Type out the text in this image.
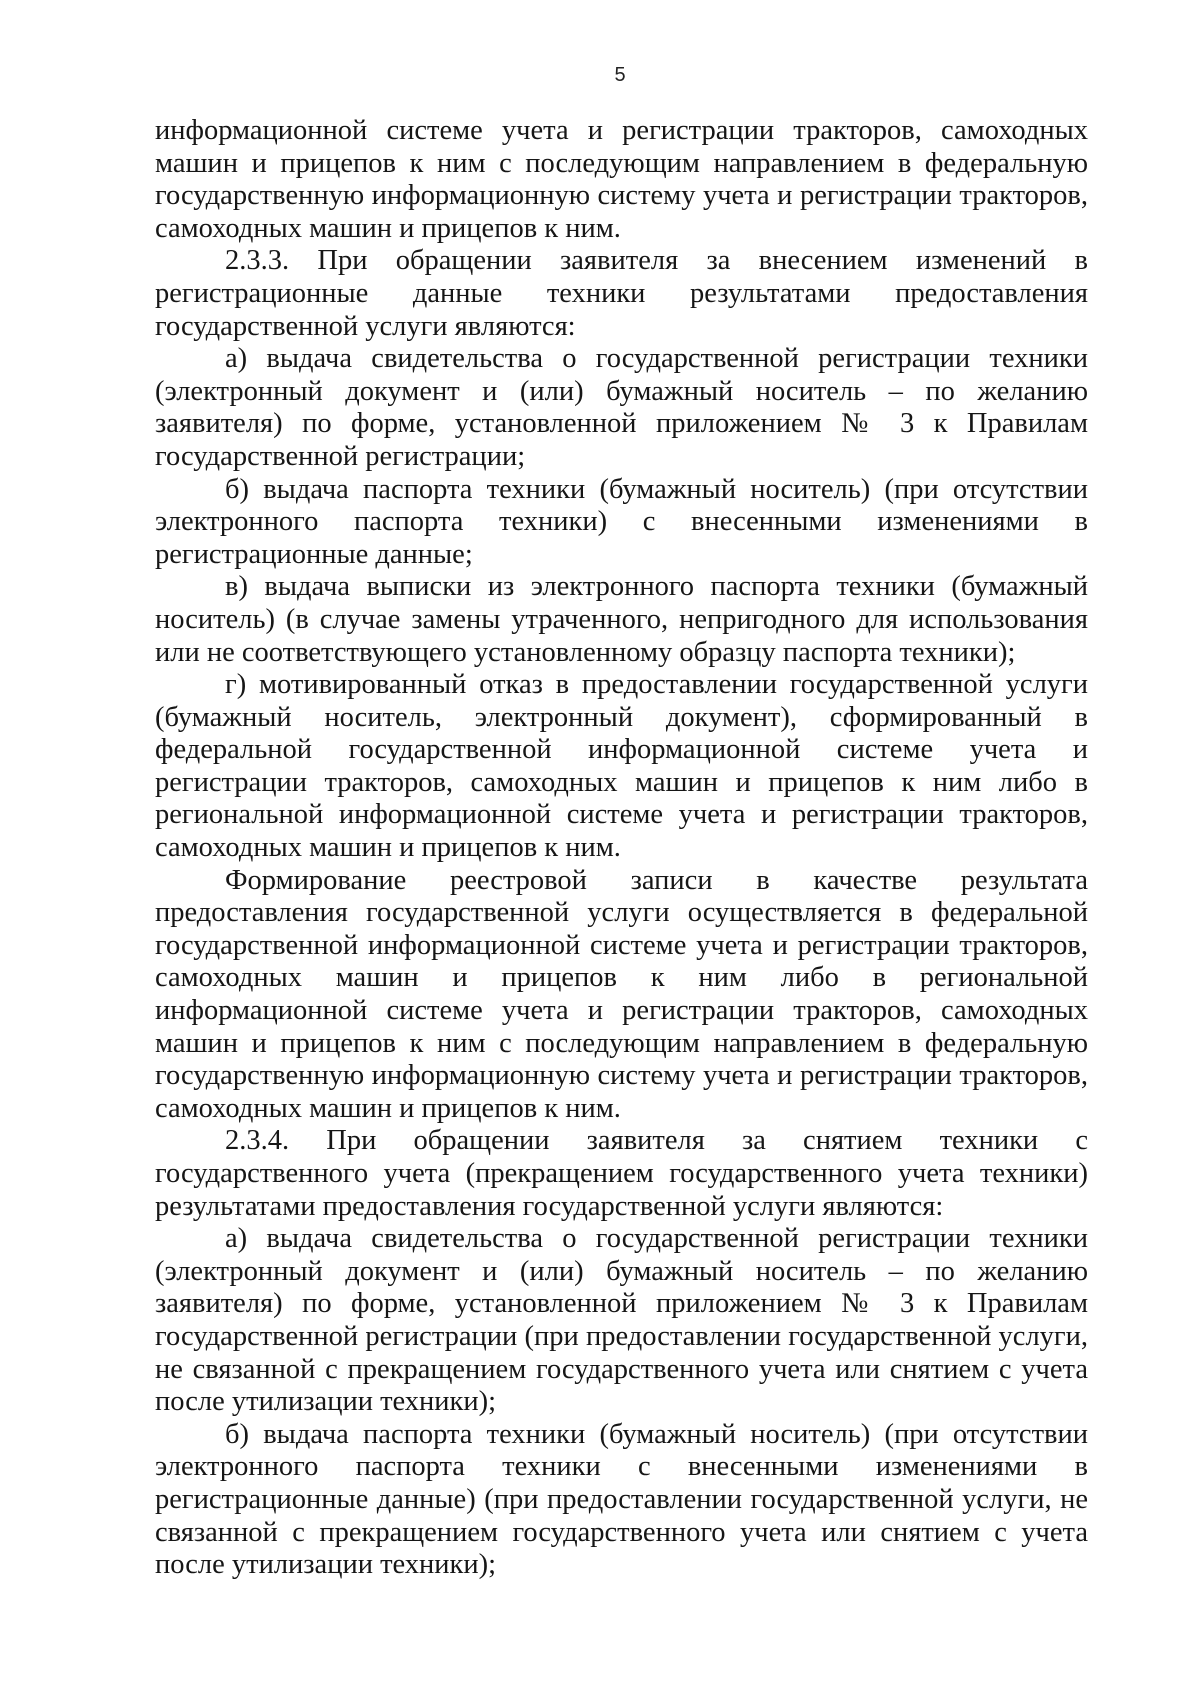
5

информационной системе учета и регистрации тракторов, самоходных машин и прицепов к ним с последующим направлением в федеральную государственную информационную систему учета и регистрации тракторов, самоходных машин и прицепов к ним.

2.3.3. При обращении заявителя за внесением изменений в регистрационные данные техники результатами предоставления государственной услуги являются:

а) выдача свидетельства о государственной регистрации техники (электронный документ и (или) бумажный носитель – по желанию заявителя) по форме, установленной приложением № 3 к Правилам государственной регистрации;

б) выдача паспорта техники (бумажный носитель) (при отсутствии электронного паспорта техники) с внесенными изменениями в регистрационные данные;

в) выдача выписки из электронного паспорта техники (бумажный носитель) (в случае замены утраченного, непригодного для использования или не соответствующего установленному образцу паспорта техники);

г) мотивированный отказ в предоставлении государственной услуги (бумажный носитель, электронный документ), сформированный в федеральной государственной информационной системе учета и регистрации тракторов, самоходных машин и прицепов к ним либо в региональной информационной системе учета и регистрации тракторов, самоходных машин и прицепов к ним.

Формирование реестровой записи в качестве результата предоставления государственной услуги осуществляется в федеральной государственной информационной системе учета и регистрации тракторов, самоходных машин и прицепов к ним либо в региональной информационной системе учета и регистрации тракторов, самоходных машин и прицепов к ним с последующим направлением в федеральную государственную информационную систему учета и регистрации тракторов, самоходных машин и прицепов к ним.

2.3.4. При обращении заявителя за снятием техники с государственного учета (прекращением государственного учета техники) результатами предоставления государственной услуги являются:

а) выдача свидетельства о государственной регистрации техники (электронный документ и (или) бумажный носитель – по желанию заявителя) по форме, установленной приложением № 3 к Правилам государственной регистрации (при предоставлении государственной услуги, не связанной с прекращением государственного учета или снятием с учета после утилизации техники);

б) выдача паспорта техники (бумажный носитель) (при отсутствии электронного паспорта техники с внесенными изменениями в регистрационные данные) (при предоставлении государственной услуги, не связанной с прекращением государственного учета или снятием с учета после утилизации техники);
